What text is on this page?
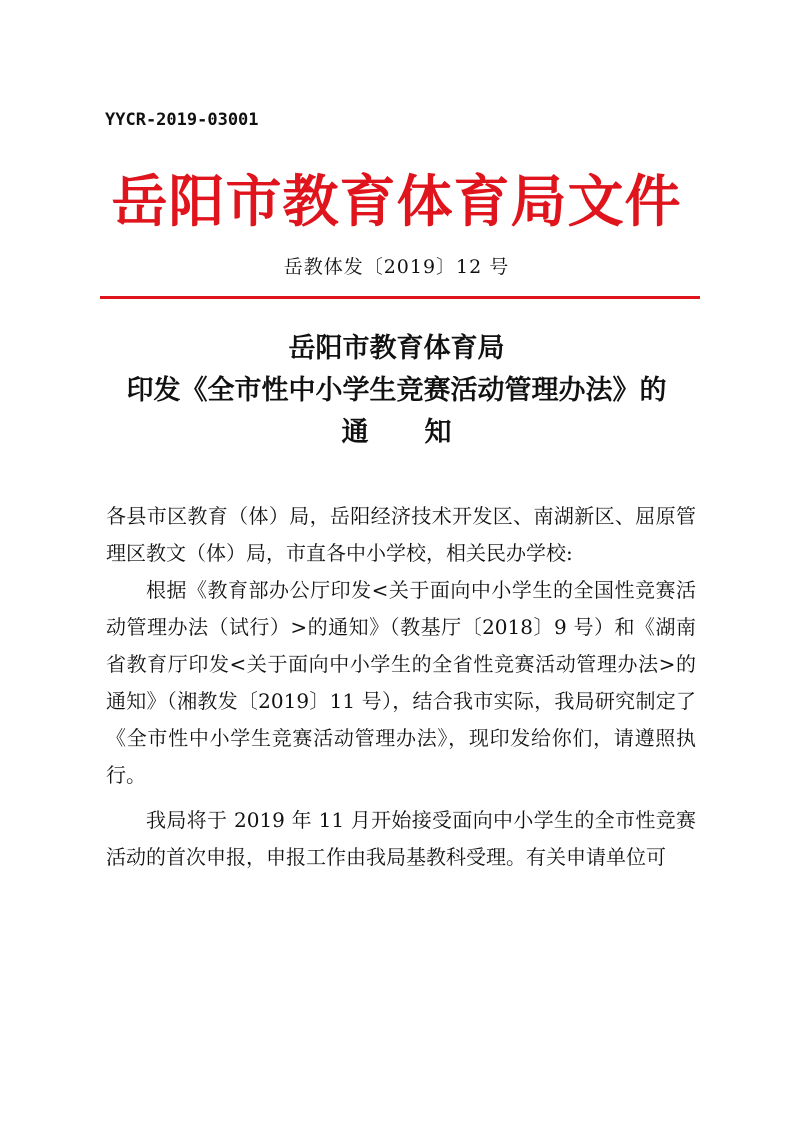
YYCR-2019-03001
岳阳市教育体育局文件
岳教体发〔2019〕12 号
岳阳市教育体育局
印发《全市性中小学生竞赛活动管理办法》的
通知

各县市区教育（体）局，岳阳经济技术开发区、南湖新区、屈原管理区教文（体）局，市直各中小学校，相关民办学校:

根据《教育部办公厅印发<关于面向中小学生的全国性竞赛活动管理办法（试行）>的通知》（教基厅〔2018〕9 号）和《湖南省教育厅印发<关于面向中小学生的全省性竞赛活动管理办法>的通知》（湘教发〔2019〕11 号），结合我市实际，我局研究制定了《全市性中小学生竞赛活动管理办法》，现印发给你们，请遵照执行。

我局将于 2019 年 11 月开始接受面向中小学生的全市性竞赛活动的首次申报，申报工作由我局基教科受理。有关申请单位可
